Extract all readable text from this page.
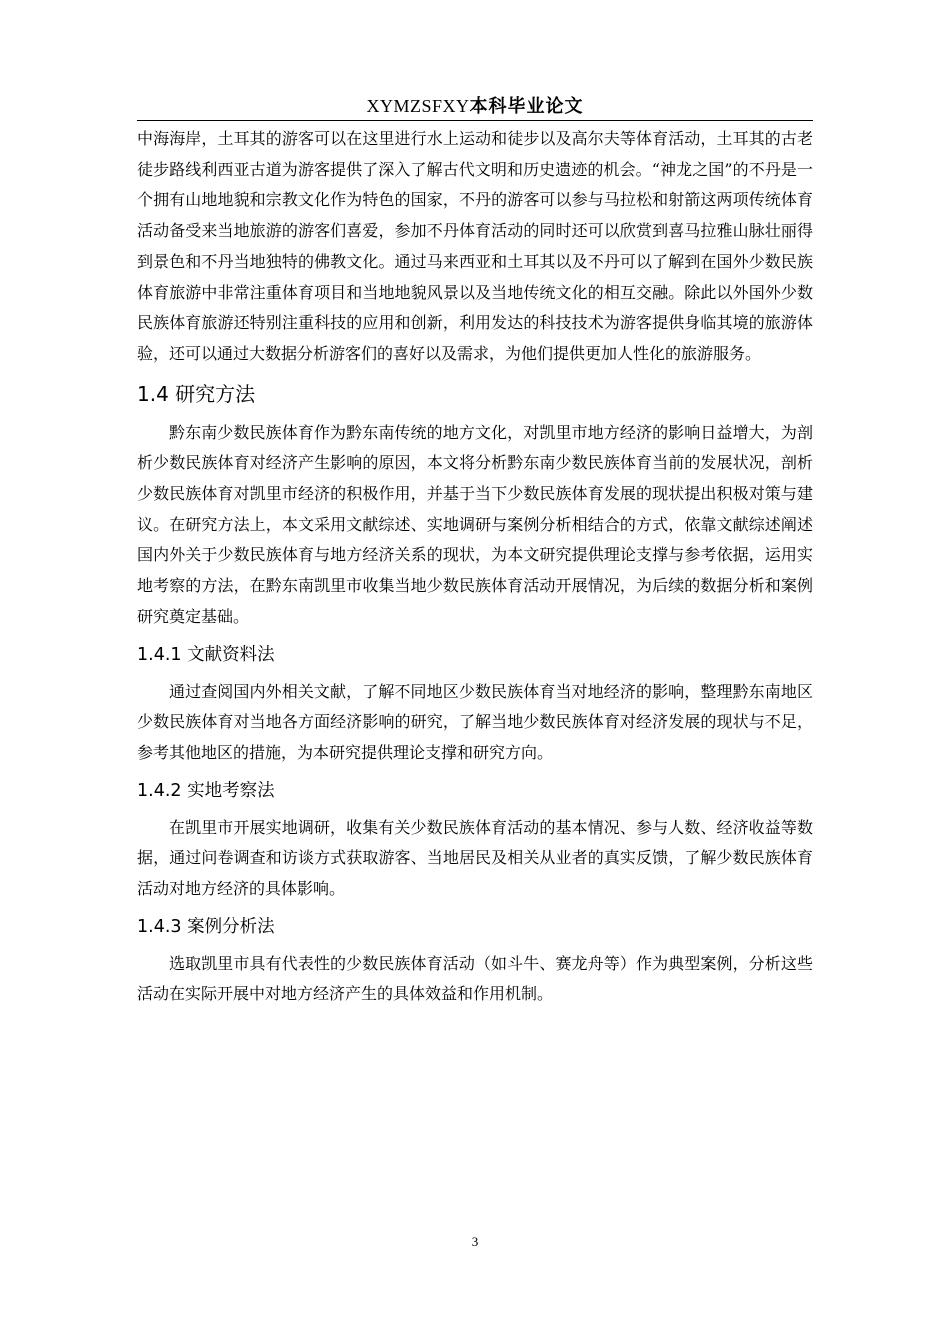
XYMZSFXY本科毕业论文

中海海岸，土耳其的游客可以在这里进行水上运动和徒步以及高尔夫等体育活动，土耳其的古老徒步路线利西亚古道为游客提供了深入了解古代文明和历史遗迹的机会。“神龙之国”的不丹是一个拥有山地地貌和宗教文化作为特色的国家，不丹的游客可以参与马拉松和射箭这两项传统体育活动备受来当地旅游的游客们喜爱，参加不丹体育活动的同时还可以欣赏到喜马拉雅山脉壮丽得到景色和不丹当地独特的佛教文化。通过马来西亚和土耳其以及不丹可以了解到在国外少数民族体育旅游中非常注重体育项目和当地地貌风景以及当地传统文化的相互交融。除此以外国外少数民族体育旅游还特别注重科技的应用和创新，利用发达的科技技术为游客提供身临其境的旅游体验，还可以通过大数据分析游客们的喜好以及需求，为他们提供更加人性化的旅游服务。

1.4 研究方法

黔东南少数民族体育作为黔东南传统的地方文化，对凯里市地方经济的影响日益增大，为剖析少数民族体育对经济产生影响的原因，本文将分析黔东南少数民族体育当前的发展状况，剖析少数民族体育对凯里市经济的积极作用，并基于当下少数民族体育发展的现状提出积极对策与建议。在研究方法上，本文采用文献综述、实地调研与案例分析相结合的方式，依靠文献综述阐述国内外关于少数民族体育与地方经济关系的现状，为本文研究提供理论支撑与参考依据，运用实地考察的方法，在黔东南凯里市收集当地少数民族体育活动开展情况，为后续的数据分析和案例研究奠定基础。

1.4.1 文献资料法

通过查阅国内外相关文献，了解不同地区少数民族体育当对地经济的影响，整理黔东南地区少数民族体育对当地各方面经济影响的研究，了解当地少数民族体育对经济发展的现状与不足，参考其他地区的措施，为本研究提供理论支撑和研究方向。

1.4.2 实地考察法

在凯里市开展实地调研，收集有关少数民族体育活动的基本情况、参与人数、经济收益等数据，通过问卷调查和访谈方式获取游客、当地居民及相关从业者的真实反馈，了解少数民族体育活动对地方经济的具体影响。

1.4.3 案例分析法

选取凯里市具有代表性的少数民族体育活动（如斗牛、赛龙舟等）作为典型案例，分析这些活动在实际开展中对地方经济产生的具体效益和作用机制。

3
